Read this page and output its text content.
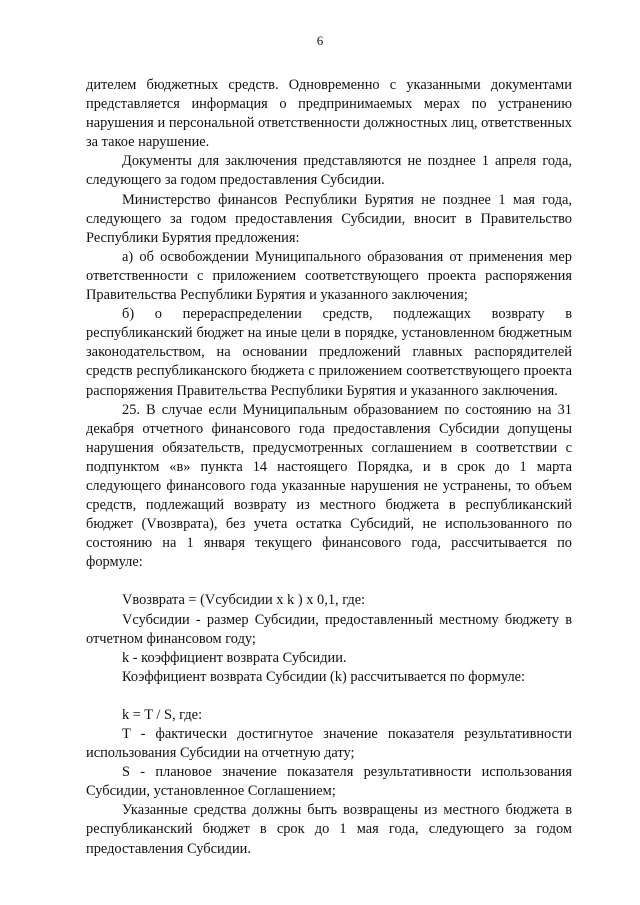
6

дителем бюджетных средств. Одновременно с указанными документами представляется информация о предпринимаемых мерах по устранению нарушения и персональной ответственности должностных лиц, ответственных за такое нарушение.

Документы для заключения представляются не позднее 1 апреля года, следующего за годом предоставления Субсидии.

Министерство финансов Республики Бурятия не позднее 1 мая года, следующего за годом предоставления Субсидии, вносит в Правительство Республики Бурятия предложения:

а) об освобождении Муниципального образования от применения мер ответственности с приложением соответствующего проекта распоряжения Правительства Республики Бурятия и указанного заключения;

б) о перераспределении средств, подлежащих возврату в республиканский бюджет на иные цели в порядке, установленном бюджетным законодательством, на основании предложений главных распорядителей средств республиканского бюджета с приложением соответствующего проекта распоряжения Правительства Республики Бурятия и указанного заключения.

25. В случае если Муниципальным образованием по состоянию на 31 декабря отчетного финансового года предоставления Субсидии допущены нарушения обязательств, предусмотренных соглашением в соответствии с подпунктом «в» пункта 14 настоящего Порядка, и в срок до 1 марта следующего финансового года указанные нарушения не устранены, то объем средств, подлежащий возврату из местного бюджета в республиканский бюджет (Vвозврата), без учета остатка Субсидий, не использованного по состоянию на 1 января текущего финансового года, рассчитывается по формуле:

Vвозврата = (Vсубсидии x k ) x 0,1, где:

Vсубсидии - размер Субсидии, предоставленный местному бюджету в отчетном финансовом году;

k - коэффициент возврата Субсидии.

Коэффициент возврата Субсидии (k) рассчитывается по формуле:

k = T / S, где:

T - фактически достигнутое значение показателя результативности использования Субсидии на отчетную дату;

S - плановое значение показателя результативности использования Субсидии, установленное Соглашением;

Указанные средства должны быть возвращены из местного бюджета в республиканский бюджет в срок до 1 мая года, следующего за годом предоставления Субсидии.
